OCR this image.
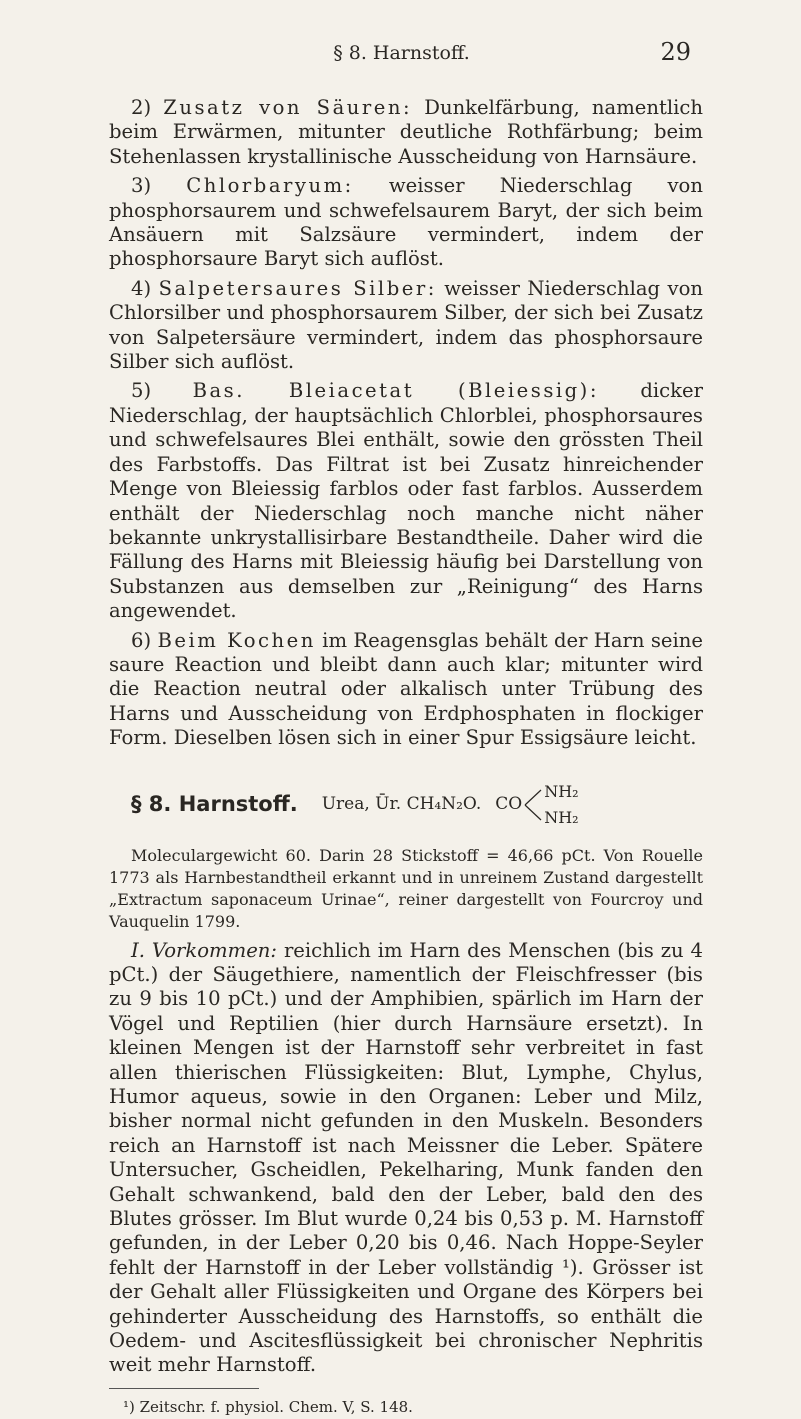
§ 8. Harnstoff.	29

2) Zusatz von Säuren: Dunkelfärbung, namentlich beim Erwärmen, mitunter deutliche Rothfärbung; beim Stehenlassen krystallinische Ausscheidung von Harnsäure.

3) Chlorbaryum: weisser Niederschlag von phosphorsaurem und schwefelsaurem Baryt, der sich beim Ansäuern mit Salzsäure vermindert, indem der phosphorsaure Baryt sich auflöst.

4) Salpetersaures Silber: weisser Niederschlag von Chlorsilber und phosphorsaurem Silber, der sich bei Zusatz von Salpetersäure vermindert, indem das phosphorsaure Silber sich auflöst.

5) Bas. Bleiacetat (Bleiessig): dicker Niederschlag, der hauptsächlich Chlorblei, phosphorsaures und schwefelsaures Blei enthält, sowie den grössten Theil des Farbstoffs. Das Filtrat ist bei Zusatz hinreichender Menge von Bleiessig farblos oder fast farblos. Ausserdem enthält der Niederschlag noch manche nicht näher bekannte unkrystallisirbare Bestandtheile. Daher wird die Fällung des Harns mit Bleiessig häufig bei Darstellung von Substanzen aus demselben zur „Reinigung“ des Harns angewendet.

6) Beim Kochen im Reagensglas behält der Harn seine saure Reaction und bleibt dann auch klar; mitunter wird die Reaction neutral oder alkalisch unter Trübung des Harns und Ausscheidung von Erdphosphaten in flockiger Form. Dieselben lösen sich in einer Spur Essigsäure leicht.

§ 8. Harnstoff. Urea, Ūr. CH₄N₂O. CO
NH₂
NH₂

Moleculargewicht 60. Darin 28 Stickstoff = 46,66 pCt. Von Rouelle 1773 als Harnbestandtheil erkannt und in unreinem Zustand dargestellt „Extractum saponaceum Urinae“, reiner dargestellt von Fourcroy und Vauquelin 1799.

I. Vorkommen: reichlich im Harn des Menschen (bis zu 4 pCt.) der Säugethiere, namentlich der Fleischfresser (bis zu 9 bis 10 pCt.) und der Amphibien, spärlich im Harn der Vögel und Reptilien (hier durch Harnsäure ersetzt). In kleinen Mengen ist der Harnstoff sehr verbreitet in fast allen thierischen Flüssigkeiten: Blut, Lymphe, Chylus, Humor aqueus, sowie in den Organen: Leber und Milz, bisher normal nicht gefunden in den Muskeln. Besonders reich an Harnstoff ist nach Meissner die Leber. Spätere Untersucher, Gscheidlen, Pekelharing, Munk fanden den Gehalt schwankend, bald den der Leber, bald den des Blutes grösser. Im Blut wurde 0,24 bis 0,53 p. M. Harnstoff gefunden, in der Leber 0,20 bis 0,46. Nach Hoppe-Seyler fehlt der Harnstoff in der Leber vollständig ¹). Grösser ist der Gehalt aller Flüssigkeiten und Organe des Körpers bei gehinderter Ausscheidung des Harnstoffs, so enthält die Oedem- und Ascitesflüssigkeit bei chronischer Nephritis weit mehr Harnstoff.

¹) Zeitschr. f. physiol. Chem. V, S. 148.
